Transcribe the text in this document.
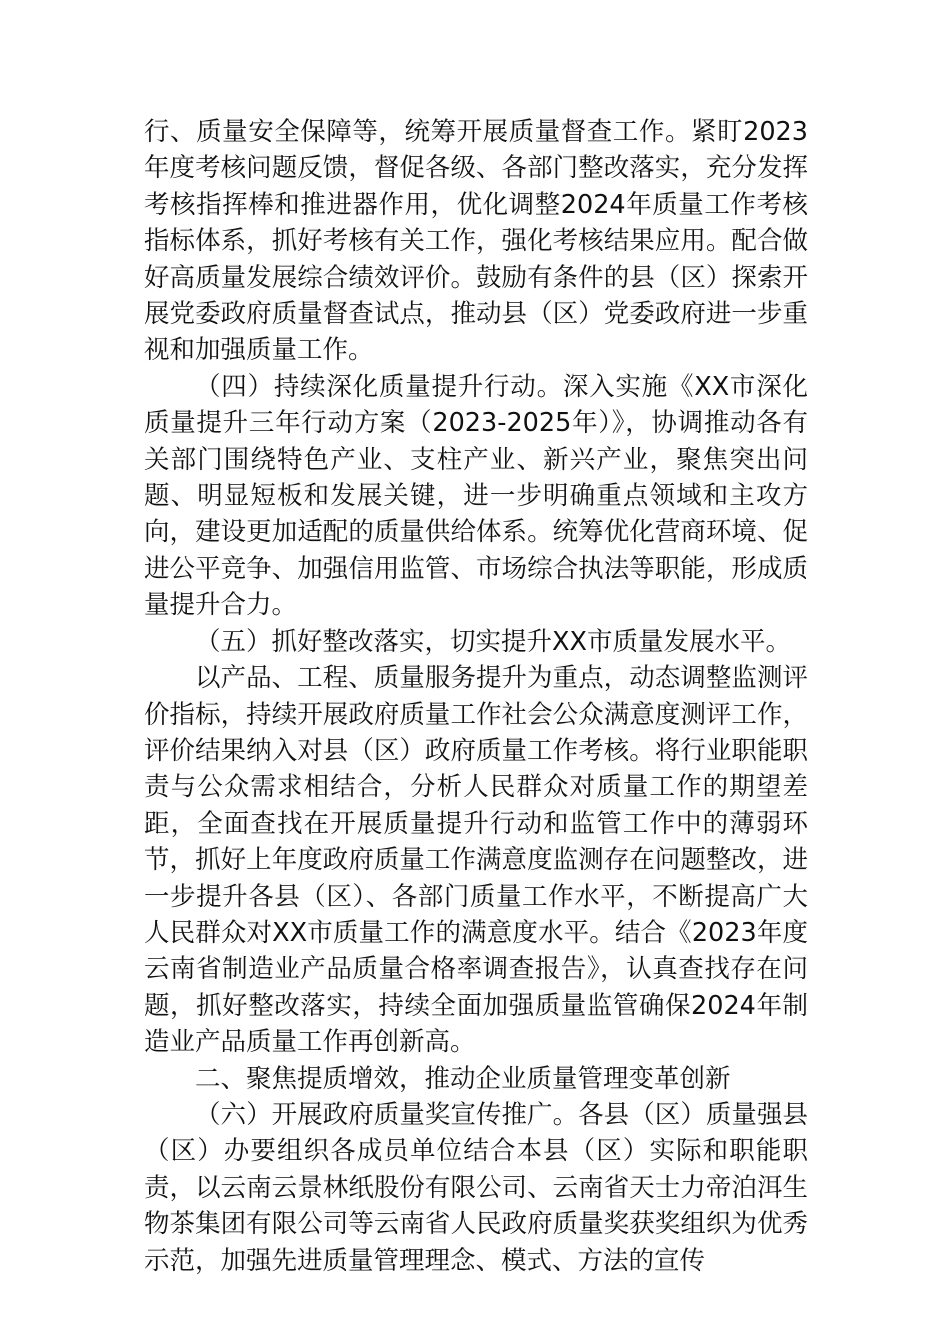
行、质量安全保障等，统筹开展质量督查工作。紧盯2023年度考核问题反馈，督促各级、各部门整改落实，充分发挥考核指挥棒和推进器作用，优化调整2024年质量工作考核指标体系，抓好考核有关工作，强化考核结果应用。配合做好高质量发展综合绩效评价。鼓励有条件的县（区）探索开展党委政府质量督查试点，推动县（区）党委政府进一步重视和加强质量工作。

（四）持续深化质量提升行动。深入实施《XX市深化质量提升三年行动方案（2023-2025年）》，协调推动各有关部门围绕特色产业、支柱产业、新兴产业，聚焦突出问题、明显短板和发展关键，进一步明确重点领域和主攻方向，建设更加适配的质量供给体系。统筹优化营商环境、促进公平竞争、加强信用监管、市场综合执法等职能，形成质量提升合力。

（五）抓好整改落实，切实提升XX市质量发展水平。

以产品、工程、质量服务提升为重点，动态调整监测评价指标，持续开展政府质量工作社会公众满意度测评工作，评价结果纳入对县（区）政府质量工作考核。将行业职能职责与公众需求相结合，分析人民群众对质量工作的期望差距，全面查找在开展质量提升行动和监管工作中的薄弱环节，抓好上年度政府质量工作满意度监测存在问题整改，进一步提升各县（区）、各部门质量工作水平，不断提高广大人民群众对XX市质量工作的满意度水平。结合《2023年度云南省制造业产品质量合格率调查报告》，认真查找存在问题，抓好整改落实，持续全面加强质量监管确保2024年制造业产品质量工作再创新高。

二、聚焦提质增效，推动企业质量管理变革创新

（六）开展政府质量奖宣传推广。各县（区）质量强县（区）办要组织各成员单位结合本县（区）实际和职能职责，以云南云景林纸股份有限公司、云南省天士力帝泊洱生物茶集团有限公司等云南省人民政府质量奖获奖组织为优秀示范，加强先进质量管理理念、模式、方法的宣传
